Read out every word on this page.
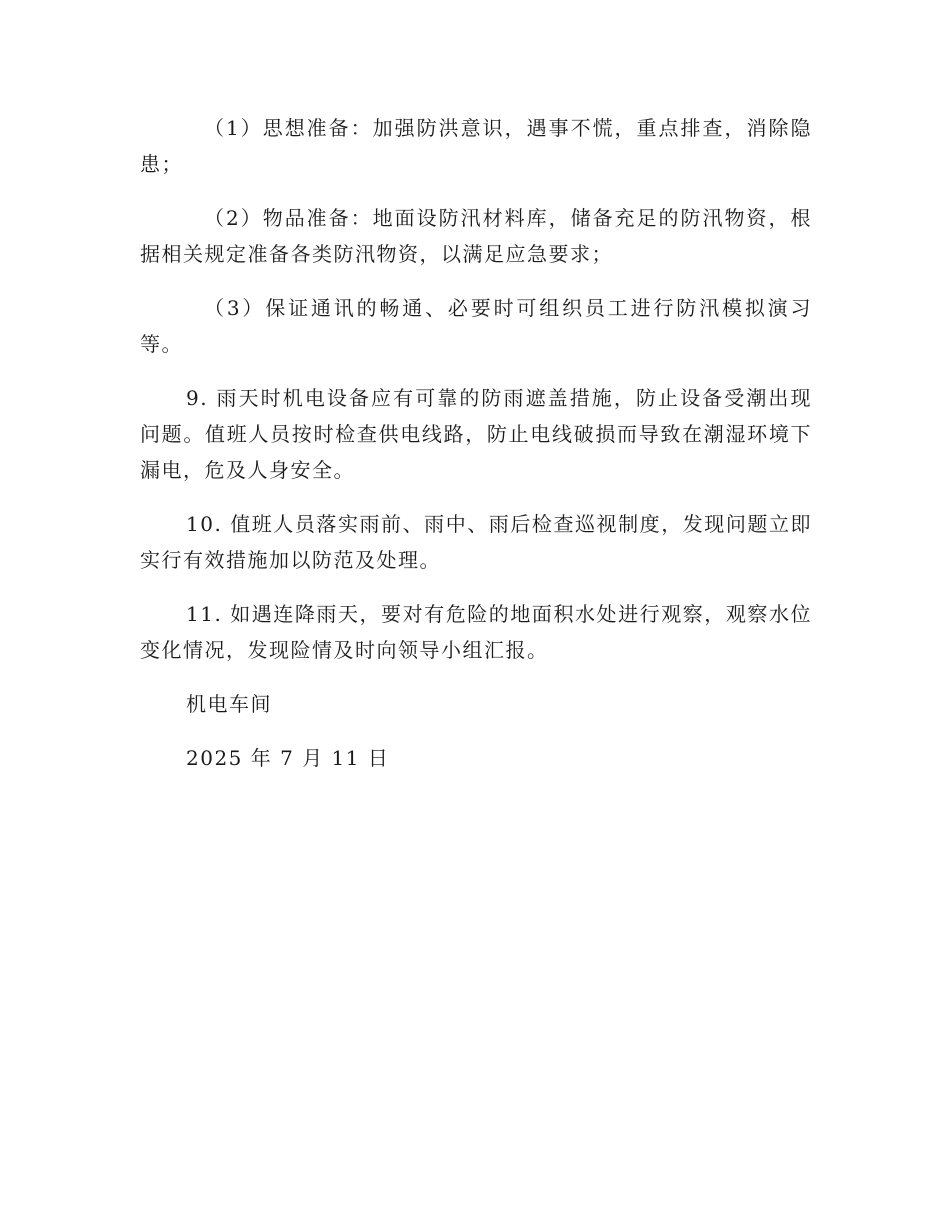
（1）思想准备：加强防洪意识，遇事不慌，重点排查，消除隐患；

（2）物品准备：地面设防汛材料库，储备充足的防汛物资，根据相关规定准备各类防汛物资，以满足应急要求；

（3）保证通讯的畅通、必要时可组织员工进行防汛模拟演习等。

9. 雨天时机电设备应有可靠的防雨遮盖措施，防止设备受潮出现问题。值班人员按时检查供电线路，防止电线破损而导致在潮湿环境下漏电，危及人身安全。

10. 值班人员落实雨前、雨中、雨后检查巡视制度，发现问题立即实行有效措施加以防范及处理。

11. 如遇连降雨天，要对有危险的地面积水处进行观察，观察水位变化情况，发现险情及时向领导小组汇报。

机电车间

2025 年 7 月 11 日
